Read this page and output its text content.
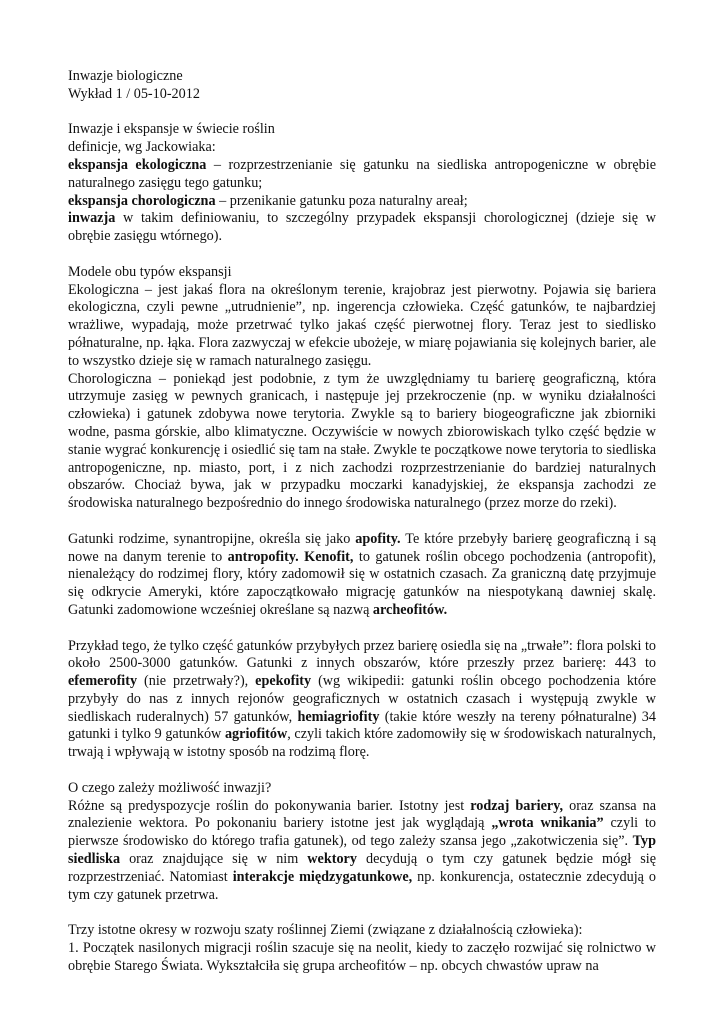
Inwazje biologiczne

Wykład 1 / 05-10-2012

Inwazje i ekspansje w świecie roślin

definicje, wg Jackowiaka:

ekspansja ekologiczna – rozprzestrzenianie się gatunku na siedliska antropogeniczne w obrębie naturalnego zasięgu tego gatunku;

ekspansja chorologiczna – przenikanie gatunku poza naturalny areał;

inwazja w takim definiowaniu, to szczególny przypadek ekspansji chorologicznej (dzieje się w obrębie zasięgu wtórnego).

Modele obu typów ekspansji

Ekologiczna – jest jakaś flora na określonym terenie, krajobraz jest pierwotny. Pojawia się bariera ekologiczna, czyli pewne „utrudnienie”, np. ingerencja człowieka. Część gatunków, te najbardziej wrażliwe, wypadają, może przetrwać tylko jakaś część pierwotnej flory. Teraz jest to siedlisko półnaturalne, np. łąka. Flora zazwyczaj w efekcie ubożeje, w miarę pojawiania się kolejnych barier, ale to wszystko dzieje się w ramach naturalnego zasięgu.

Chorologiczna – poniekąd jest podobnie, z tym że uwzględniamy tu barierę geograficzną, która utrzymuje zasięg w pewnych granicach, i następuje jej przekroczenie (np. w wyniku działalności człowieka) i gatunek zdobywa nowe terytoria. Zwykle są to bariery biogeograficzne jak zbiorniki wodne, pasma górskie, albo klimatyczne. Oczywiście w nowych zbiorowiskach tylko część będzie w stanie wygrać konkurencję i osiedlić się tam na stałe. Zwykle te początkowe nowe terytoria to siedliska antropogeniczne, np. miasto, port, i z nich zachodzi rozprzestrzenianie do bardziej naturalnych obszarów. Chociaż bywa, jak w przypadku moczarki kanadyjskiej, że ekspansja zachodzi ze środowiska naturalnego bezpośrednio do innego środowiska naturalnego (przez morze do rzeki).

Gatunki rodzime, synantropijne, określa się jako apofity. Te które przebyły barierę geograficzną i są nowe na danym terenie to antropofity. Kenofit, to gatunek roślin obcego pochodzenia (antropofit), nienależący do rodzimej flory, który zadomowił się w ostatnich czasach. Za graniczną datę przyjmuje się odkrycie Ameryki, które zapoczątkowało migrację gatunków na niespotykaną dawniej skalę. Gatunki zadomowione wcześniej określane są nazwą archeofitów.

Przykład tego, że tylko część gatunków przybyłych przez barierę osiedla się na „trwałe”: flora polski to około 2500-3000 gatunków. Gatunki z innych obszarów, które przeszły przez barierę: 443 to efemerofity (nie przetrwały?), epekofity (wg wikipedii: gatunki roślin obcego pochodzenia które przybyły do nas z innych rejonów geograficznych w ostatnich czasach i występują zwykle w siedliskach ruderalnych) 57 gatunków, hemiagriofity (takie które weszły na tereny półnaturalne) 34 gatunki i tylko 9 gatunków agriofitów, czyli takich które zadomowiły się w środowiskach naturalnych, trwają i wpływają w istotny sposób na rodzimą florę.

O czego zależy możliwość inwazji?

Różne są predyspozycje roślin do pokonywania barier. Istotny jest rodzaj bariery, oraz szansa na znalezienie wektora. Po pokonaniu bariery istotne jest jak wyglądają „wrota wnikania” czyli to pierwsze środowisko do którego trafia gatunek), od tego zależy szansa jego „zakotwiczenia się”. Typ siedliska oraz znajdujące się w nim wektory decydują o tym czy gatunek będzie mógł się rozprzestrzeniać. Natomiast interakcje międzygatunkowe, np. konkurencja, ostatecznie zdecydują o tym czy gatunek przetrwa.

Trzy istotne okresy w rozwoju szaty roślinnej Ziemi (związane z działalnością człowieka):

1. Początek nasilonych migracji roślin szacuje się na neolit, kiedy to zaczęło rozwijać się rolnictwo w obrębie Starego Świata. Wykształciła się grupa archeofitów – np. obcych chwastów upraw na
